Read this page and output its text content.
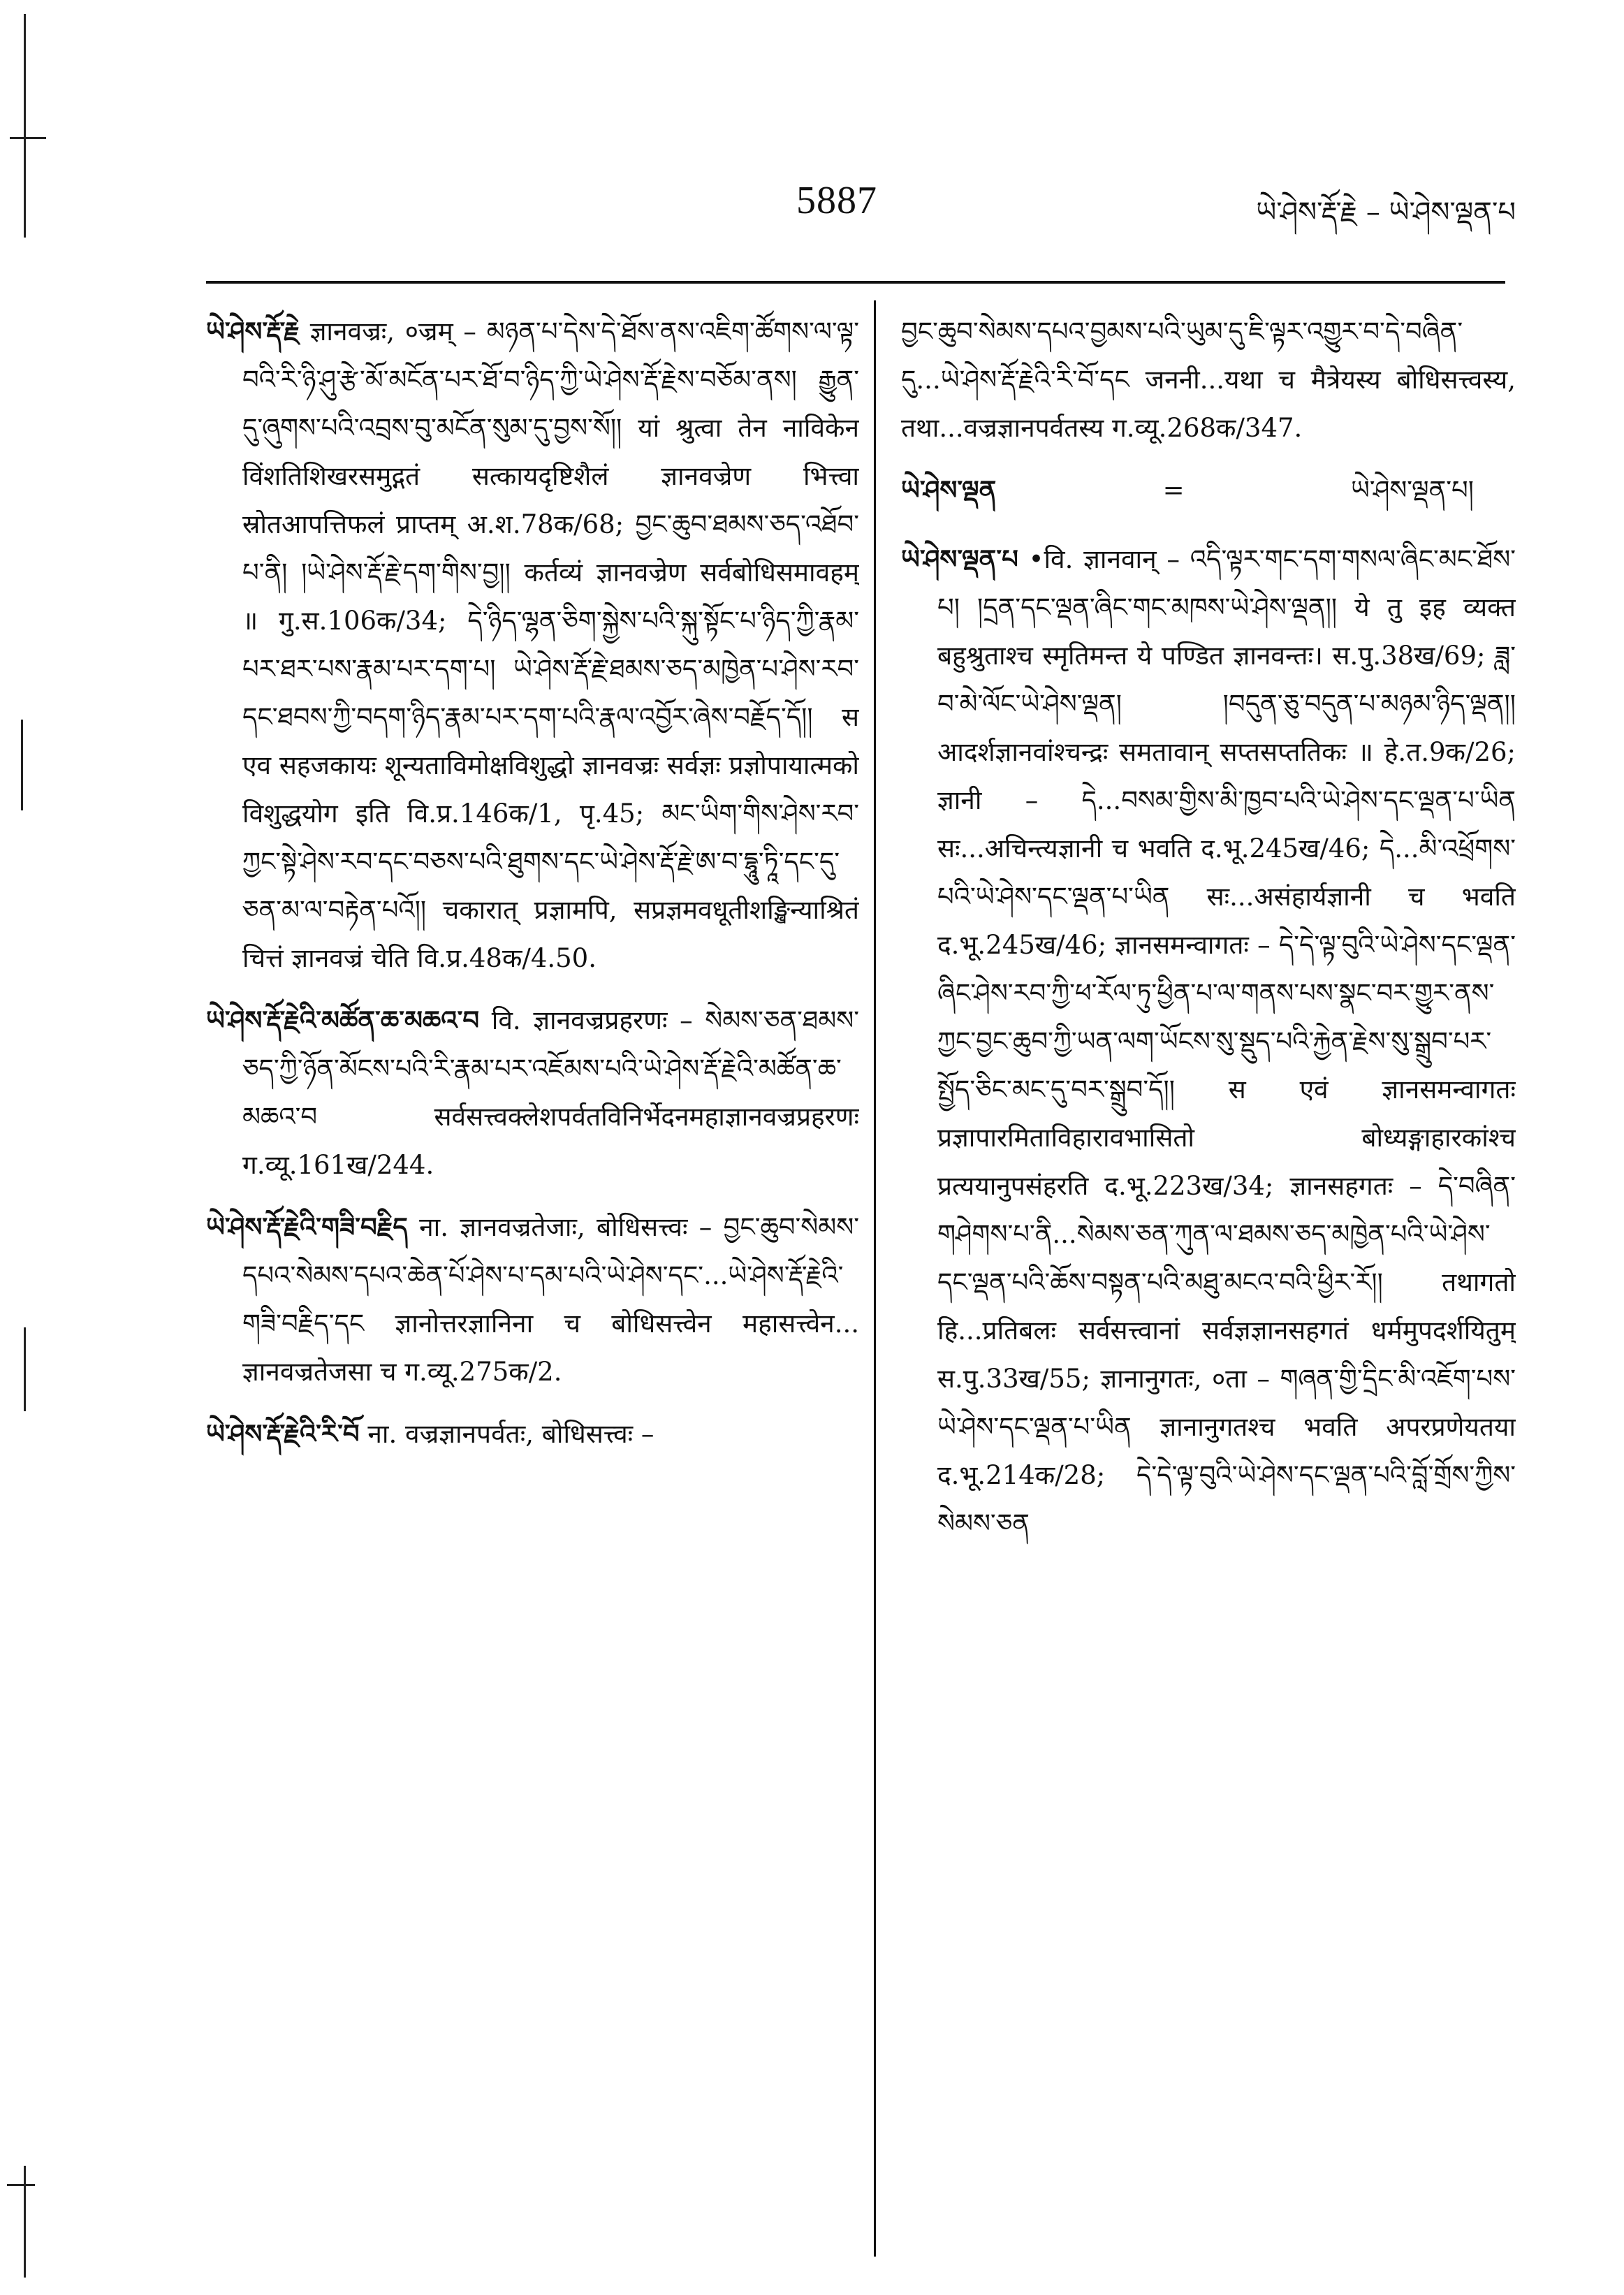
5887	ཡེ་ཤེས་རྡོ་རྗེ – ཡེ་ཤེས་ལྡན་པ

ཡེ་ཤེས་རྡོ་རྗེ ज्ञानवज्रः, ०ज्रम् – མཉན་པ་དེས་དེ་ཐོས་ནས་འཇིག་ཚོགས་ལ་ལྟ་བའི་རི་ཉི་ཤུ་རྩེ་མོ་མངོན་པར་ཐོ་བ་ཉིད་ཀྱི་ཡེ་ཤེས་རྡོ་རྗེས་བཅོམ་ནས། རྒྱུན་དུ་ཞུགས་པའི་འབྲས་བུ་མངོན་སུམ་དུ་བྱས་སོ།། यां श्रुत्वा तेन नाविकेन विंशतिशिखरसमुद्गतं सत्कायदृष्टिशैलं ज्ञानवज्रेण भित्त्वा स्रोतआपत्तिफलं प्राप्तम् अ.श.78क/68; བྱང་ཆུབ་ཐམས་ཅད་འཐོབ་པ་ནི། །ཡེ་ཤེས་རྡོ་རྗེ་དག་གིས་བྱ།། कर्तव्यं ज्ञानवज्रेण सर्वबोधिसमावहम् ॥ गु.स.106क/34; དེ་ཉིད་ལྷན་ཅིག་སྐྱེས་པའི་སྐུ་སྟོང་པ་ཉིད་ཀྱི་རྣམ་པར་ཐར་པས་རྣམ་པར་དག་པ། ཡེ་ཤེས་རྡོ་རྗེ་ཐམས་ཅད་མཁྱེན་པ་ཤེས་རབ་དང་ཐབས་ཀྱི་བདག་ཉིད་རྣམ་པར་དག་པའི་རྣལ་འབྱོར་ཞེས་བརྗོད་དོ།། स एव सहजकायः शून्यताविमोक्षविशुद्धो ज्ञानवज्रः सर्वज्ञः प्रज्ञोपायात्मको विशुद्धयोग इति वि.प्र.146क/1, पृ.45; མང་ཡིག་གིས་ཤེས་རབ་ཀྱང་སྟེ་ཤེས་རབ་དང་བཅས་པའི་ཐུགས་དང་ཡེ་ཤེས་རྡོ་རྗེ་ཨ་བ་དྷཱུ་ཏཱི་དང་དུ་ཅན་མ་ལ་བརྟེན་པའོ།། चकारात् प्रज्ञामपि, सप्रज्ञमवधूतीशङ्खिन्याश्रितं चित्तं ज्ञानवज्रं चेति वि.प्र.48क/4.50.

ཡེ་ཤེས་རྡོ་རྗེའི་མཚོན་ཆ་མཆའ་བ वि. ज्ञानवज्रप्रहरणः – སེམས་ཅན་ཐམས་ཅད་ཀྱི་ཉོན་མོངས་པའི་རི་རྣམ་པར་འཇོམས་པའི་ཡེ་ཤེས་རྡོ་རྗེའི་མཚོན་ཆ་མཆའ་བ सर्वसत्त्वक्लेशपर्वतविनिर्भेदनमहाज्ञानवज्रप्रहरणः ग.व्यू.161ख/244.

ཡེ་ཤེས་རྡོ་རྗེའི་གཟི་བརྗིད ना. ज्ञानवज्रतेजाः, बोधिसत्त्वः – བྱང་ཆུབ་སེམས་དཔའ་སེམས་དཔའ་ཆེན་པོ་ཤེས་པ་དམ་པའི་ཡེ་ཤེས་དང་...ཡེ་ཤེས་རྡོ་རྗེའི་གཟི་བརྗིད་དང ज्ञानोत्तरज्ञानिना च बोधिसत्त्वेन महासत्त्वेन... ज्ञानवज्रतेजसा च ग.व्यू.275क/2.

ཡེ་ཤེས་རྡོ་རྗེའི་རི་བོ ना. वज्रज्ञानपर्वतः, बोधिसत्त्वः –

བྱང་ཆུབ་སེམས་དཔའ་བྱམས་པའི་ཡུམ་དུ་ཇི་ལྟར་འགྱུར་བ་དེ་བཞིན་དུ...ཡེ་ཤེས་རྡོ་རྗེའི་རི་བོ་དང जननी...यथा च मैत्रेयस्य बोधिसत्त्वस्य, तथा...वज्रज्ञानपर्वतस्य ग.व्यू.268क/347.

ཡེ་ཤེས་ལྡན	=	ཡེ་ཤེས་ལྡན་པ།

ཡེ་ཤེས་ལྡན་པ •वि. ज्ञानवान् – འདི་ལྟར་གང་དག་གསལ་ཞིང་མང་ཐོས་པ། །དྲན་དང་ལྡན་ཞིང་གང་མཁས་ཡེ་ཤེས་ལྡན།། ये तु इह व्यक्त बहुश्रुताश्च स्मृतिमन्त ये पण्डित ज्ञानवन्तः। स.पु.38ख/69; ཟླ་བ་མེ་ལོང་ཡེ་ཤེས་ལྡན། །བདུན་ཅུ་བདུན་པ་མཉམ་ཉིད་ལྡན།། आदर्शज्ञानवांश्चन्द्रः समतावान् सप्तसप्ततिकः ॥ हे.त.9क/26; ज्ञानी – དེ...བསམ་གྱིས་མི་ཁྱབ་པའི་ཡེ་ཤེས་དང་ལྡན་པ་ཡིན सः...अचिन्त्यज्ञानी च भवति द.भू.245ख/46; དེ...མི་འཕྲོགས་པའི་ཡེ་ཤེས་དང་ལྡན་པ་ཡིན सः...असंहार्यज्ञानी च भवति द.भू.245ख/46; ज्ञानसमन्वागतः – དེ་དེ་ལྟ་བུའི་ཡེ་ཤེས་དང་ལྡན་ཞིང་ཤེས་རབ་ཀྱི་ཕ་རོལ་ཏུ་ཕྱིན་པ་ལ་གནས་པས་སྣང་བར་གྱུར་ནས་ཀྱང་བྱང་ཆུབ་ཀྱི་ཡན་ལག་ཡོངས་སུ་སྡུད་པའི་རྐྱེན་རྗེས་སུ་སྒྲུབ་པར་སྤྱོད་ཅིང་མང་དུ་བར་སྒྲུབ་དོ།། स एवं ज्ञानसमन्वागतः प्रज्ञापारमिताविहारावभासितो बोध्यङ्गाहारकांश्च प्रत्ययानुपसंहरति द.भू.223ख/34; ज्ञानसहगतः – དེ་བཞིན་གཤེགས་པ་ནི...སེམས་ཅན་ཀུན་ལ་ཐམས་ཅད་མཁྱེན་པའི་ཡེ་ཤེས་དང་ལྡན་པའི་ཆོས་བསྟན་པའི་མཐུ་མངའ་བའི་ཕྱིར་རོ།། तथागतो हि...प्रतिबलः सर्वसत्त्वानां सर्वज्ञज्ञानसहगतं धर्ममुपदर्शयितुम् स.पु.33ख/55; ज्ञानानुगतः, ०ता – གཞན་གྱི་དྲིང་མི་འཇོག་པས་ཡེ་ཤེས་དང་ལྡན་པ་ཡིན ज्ञानानुगतश्च भवति अपरप्रणेयतया द.भू.214क/28; དེ་དེ་ལྟ་བུའི་ཡེ་ཤེས་དང་ལྡན་པའི་བློ་གྲོས་ཀྱིས་སེམས་ཅན
